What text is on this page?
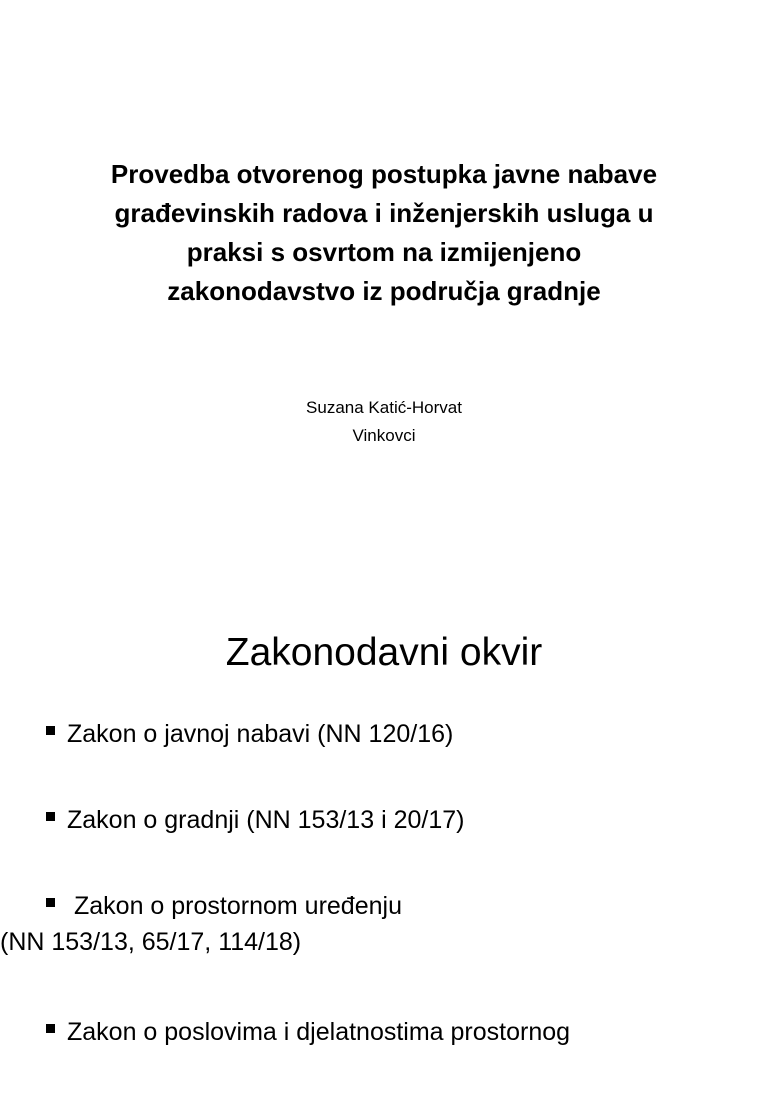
Provedba otvorenog postupka javne nabave
građevinskih radova i inženjerskih usluga u
praksi s osvrtom na izmijenjeno
zakonodavstvo iz područja gradnje
Suzana Katić-Horvat
Vinkovci
Zakonodavni okvir
Zakon o javnoj nabavi (NN 120/16)
Zakon o gradnji (NN 153/13 i 20/17)
Zakon o prostornom uređenju
(NN 153/13, 65/17, 114/18)
Zakon o poslovima i djelatnostima prostornog
